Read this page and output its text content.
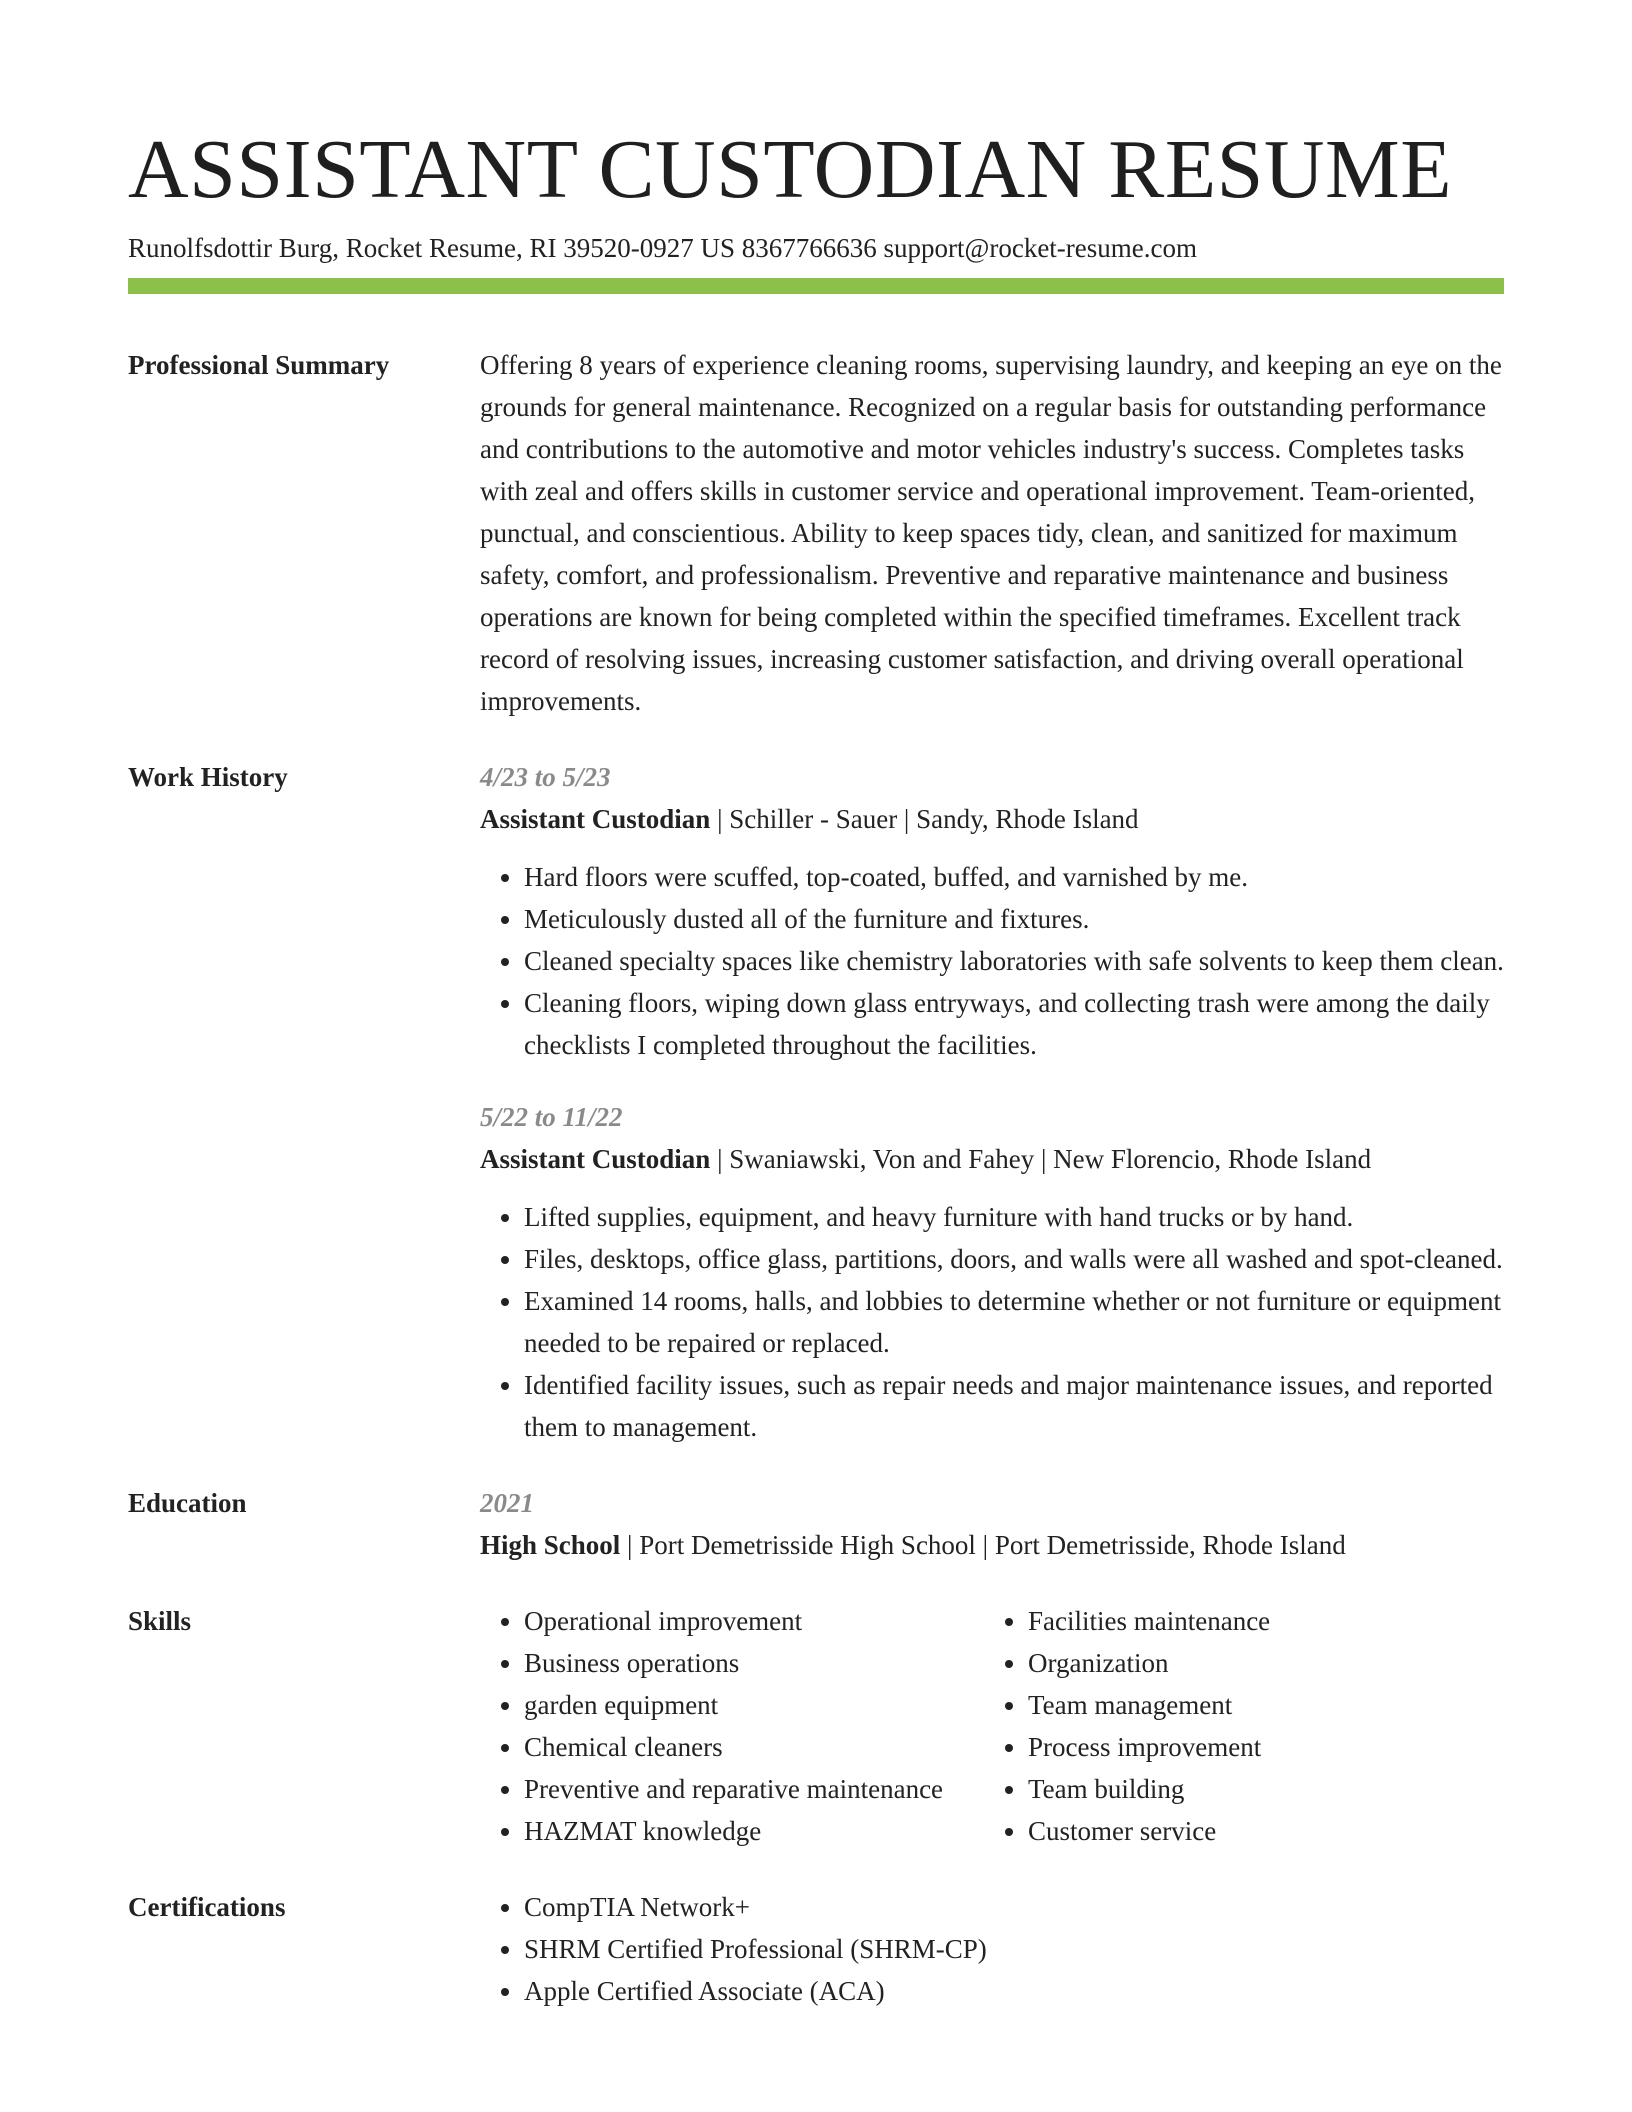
ASSISTANT CUSTODIAN RESUME
Runolfsdottir Burg, Rocket Resume, RI 39520-0927 US 8367766636 support@rocket-resume.com
Professional Summary	Offering 8 years of experience cleaning rooms, supervising laundry, and keeping an eye on the grounds for general maintenance. Recognized on a regular basis for outstanding performance and contributions to the automotive and motor vehicles industry's success. Completes tasks with zeal and offers skills in customer service and operational improvement. Team-oriented, punctual, and conscientious. Ability to keep spaces tidy, clean, and sanitized for maximum safety, comfort, and professionalism. Preventive and reparative maintenance and business operations are known for being completed within the specified timeframes. Excellent track record of resolving issues, increasing customer satisfaction, and driving overall operational improvements.

Work History	4/23 to 5/23
Assistant Custodian | Schiller - Sauer | Sandy, Rhode Island
• Hard floors were scuffed, top-coated, buffed, and varnished by me.
• Meticulously dusted all of the furniture and fixtures.
• Cleaned specialty spaces like chemistry laboratories with safe solvents to keep them clean.
• Cleaning floors, wiping down glass entryways, and collecting trash were among the daily checklists I completed throughout the facilities.
5/22 to 11/22
Assistant Custodian | Swaniawski, Von and Fahey | New Florencio, Rhode Island
• Lifted supplies, equipment, and heavy furniture with hand trucks or by hand.
• Files, desktops, office glass, partitions, doors, and walls were all washed and spot-cleaned.
• Examined 14 rooms, halls, and lobbies to determine whether or not furniture or equipment needed to be repaired or replaced.
• Identified facility issues, such as repair needs and major maintenance issues, and reported them to management.
Education	2021
High School | Port Demetrisside High School | Port Demetrisside, Rhode Island
Skills	• Operational improvement
• Business operations
• garden equipment
• Chemical cleaners
• Preventive and reparative maintenance
• HAZMAT knowledge
• Facilities maintenance
• Organization
• Team management
• Process improvement
• Team building
• Customer service
Certifications	• CompTIA Network+
• SHRM Certified Professional (SHRM-CP)
• Apple Certified Associate (ACA)
